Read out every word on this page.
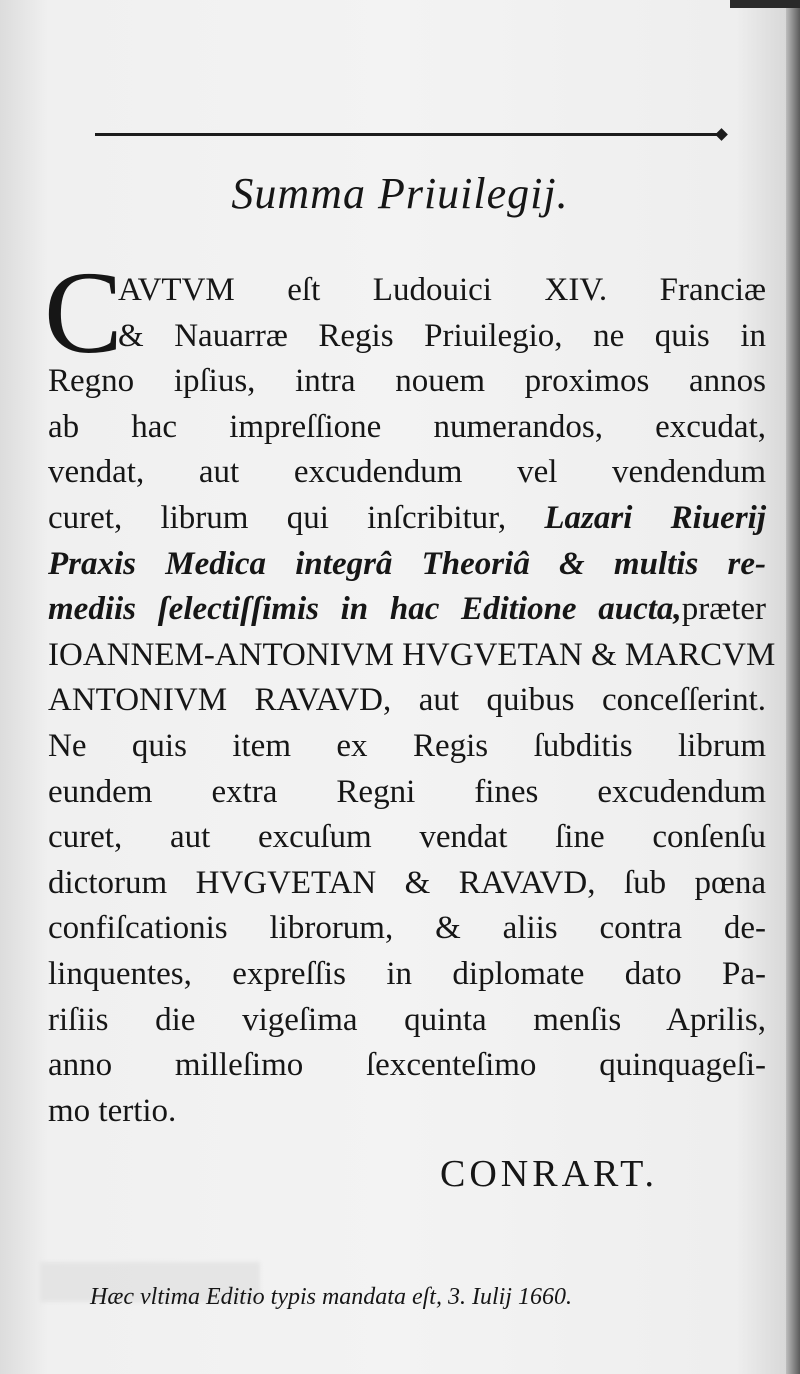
Summa Priuilegij.
C
AVTVM eſt Ludouici XIV. Franciæ
& Nauarræ Regis Priuilegio, ne quis in
Regno ipſius, intra nouem proximos annos
ab hac impreſſione numerandos, excudat,
vendat, aut excudendum vel vendendum
curet, librum qui inſcribitur, Lazari Riuerij
Praxis Medica integrâ Theoriâ & multis re-
mediis ſelectiſſimis in hac Editione aucta,præter
IOANNEM-ANTONIVM HVGVETAN & MARCVM
ANTONIVM RAVAVD, aut quibus conceſſerint.
Ne quis item ex Regis ſubditis librum
eundem extra Regni fines excudendum
curet, aut excuſum vendat ſine conſenſu
dictorum HVGVETAN & RAVAVD, ſub pœna
confiſcationis librorum, & aliis contra de-
linquentes, expreſſis in diplomate dato Pa-
riſiis die vigeſima quinta menſis Aprilis,
anno milleſimo ſexcenteſimo quinquageſi-
mo tertio.
CONRART.
Hæc vltima Editio typis mandata eſt, 3. Iulij 1660.
